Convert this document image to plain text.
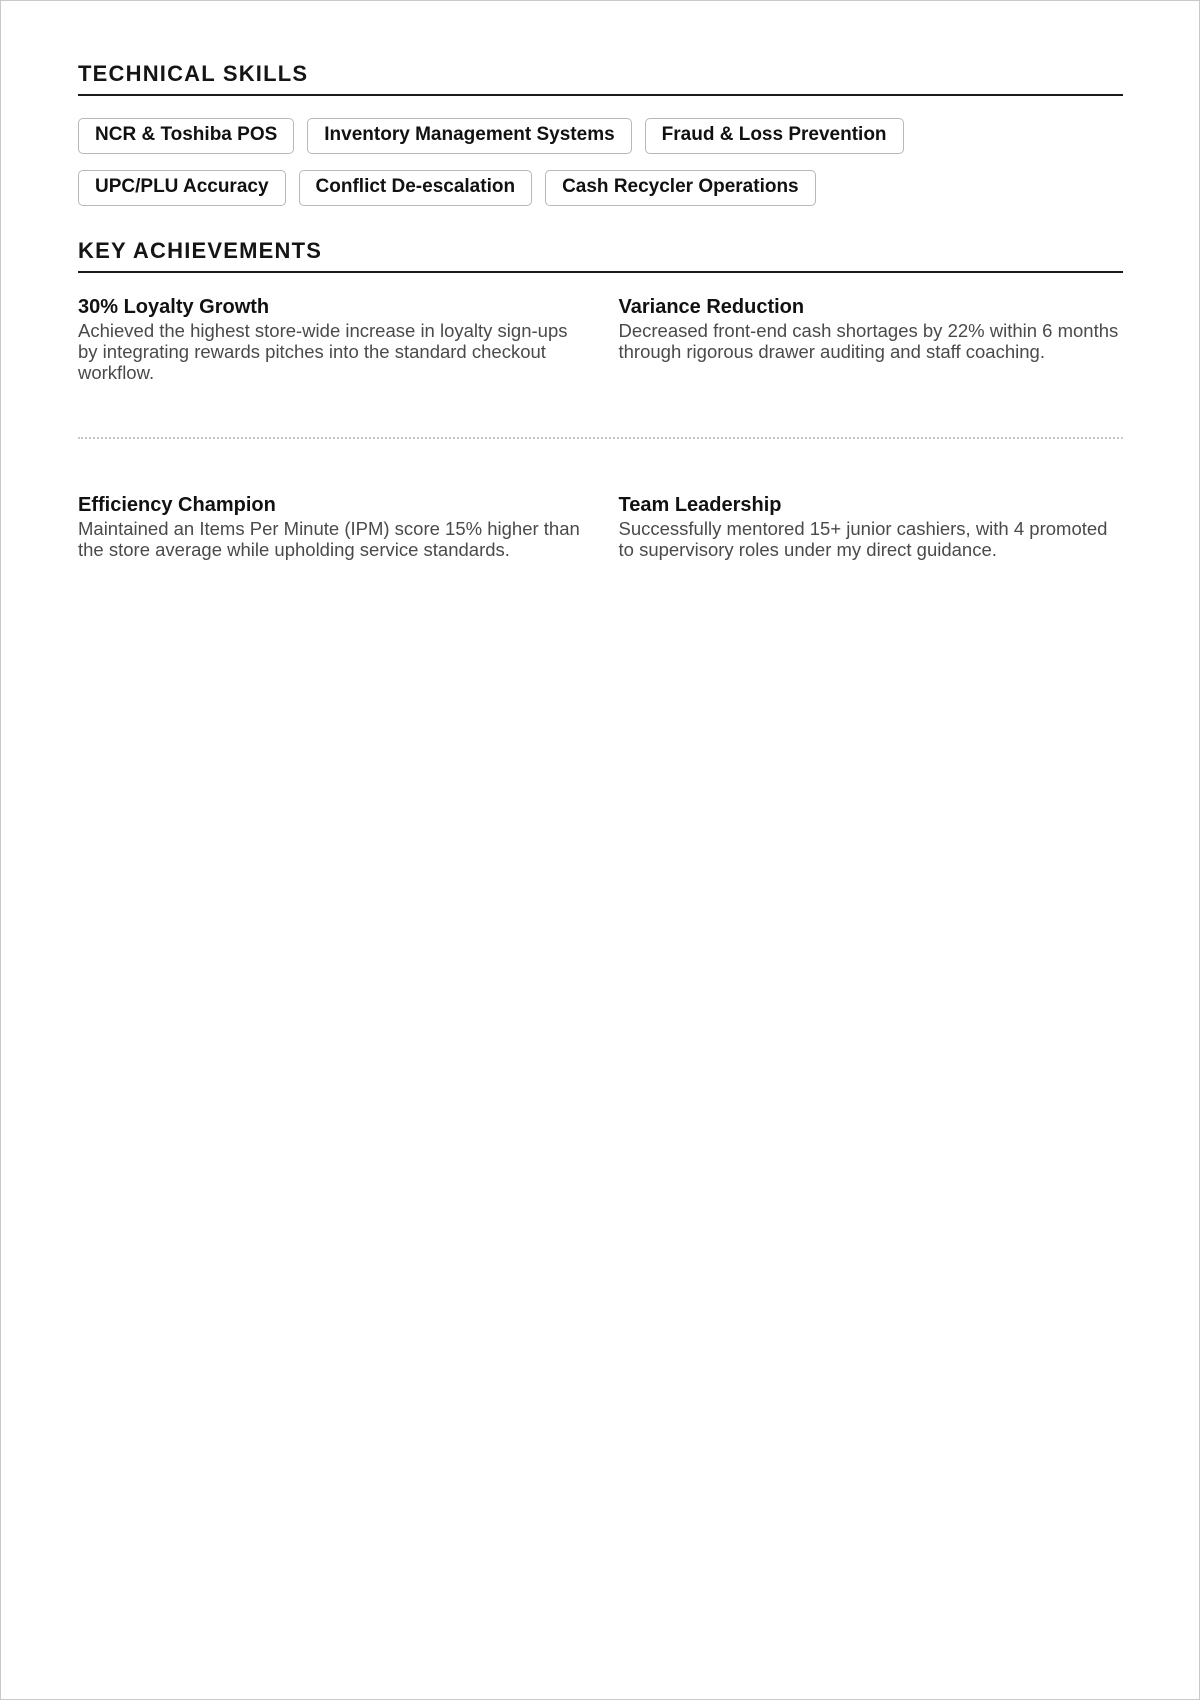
TECHNICAL SKILLS
NCR & Toshiba POS	Inventory Management Systems	Fraud & Loss Prevention
UPC/PLU Accuracy	Conflict De-escalation	Cash Recycler Operations
KEY ACHIEVEMENTS
30% Loyalty Growth
Achieved the highest store-wide increase in loyalty sign-ups by integrating rewards pitches into the standard checkout workflow.
Variance Reduction
Decreased front-end cash shortages by 22% within 6 months through rigorous drawer auditing and staff coaching.
Efficiency Champion
Maintained an Items Per Minute (IPM) score 15% higher than the store average while upholding service standards.
Team Leadership
Successfully mentored 15+ junior cashiers, with 4 promoted to supervisory roles under my direct guidance.
